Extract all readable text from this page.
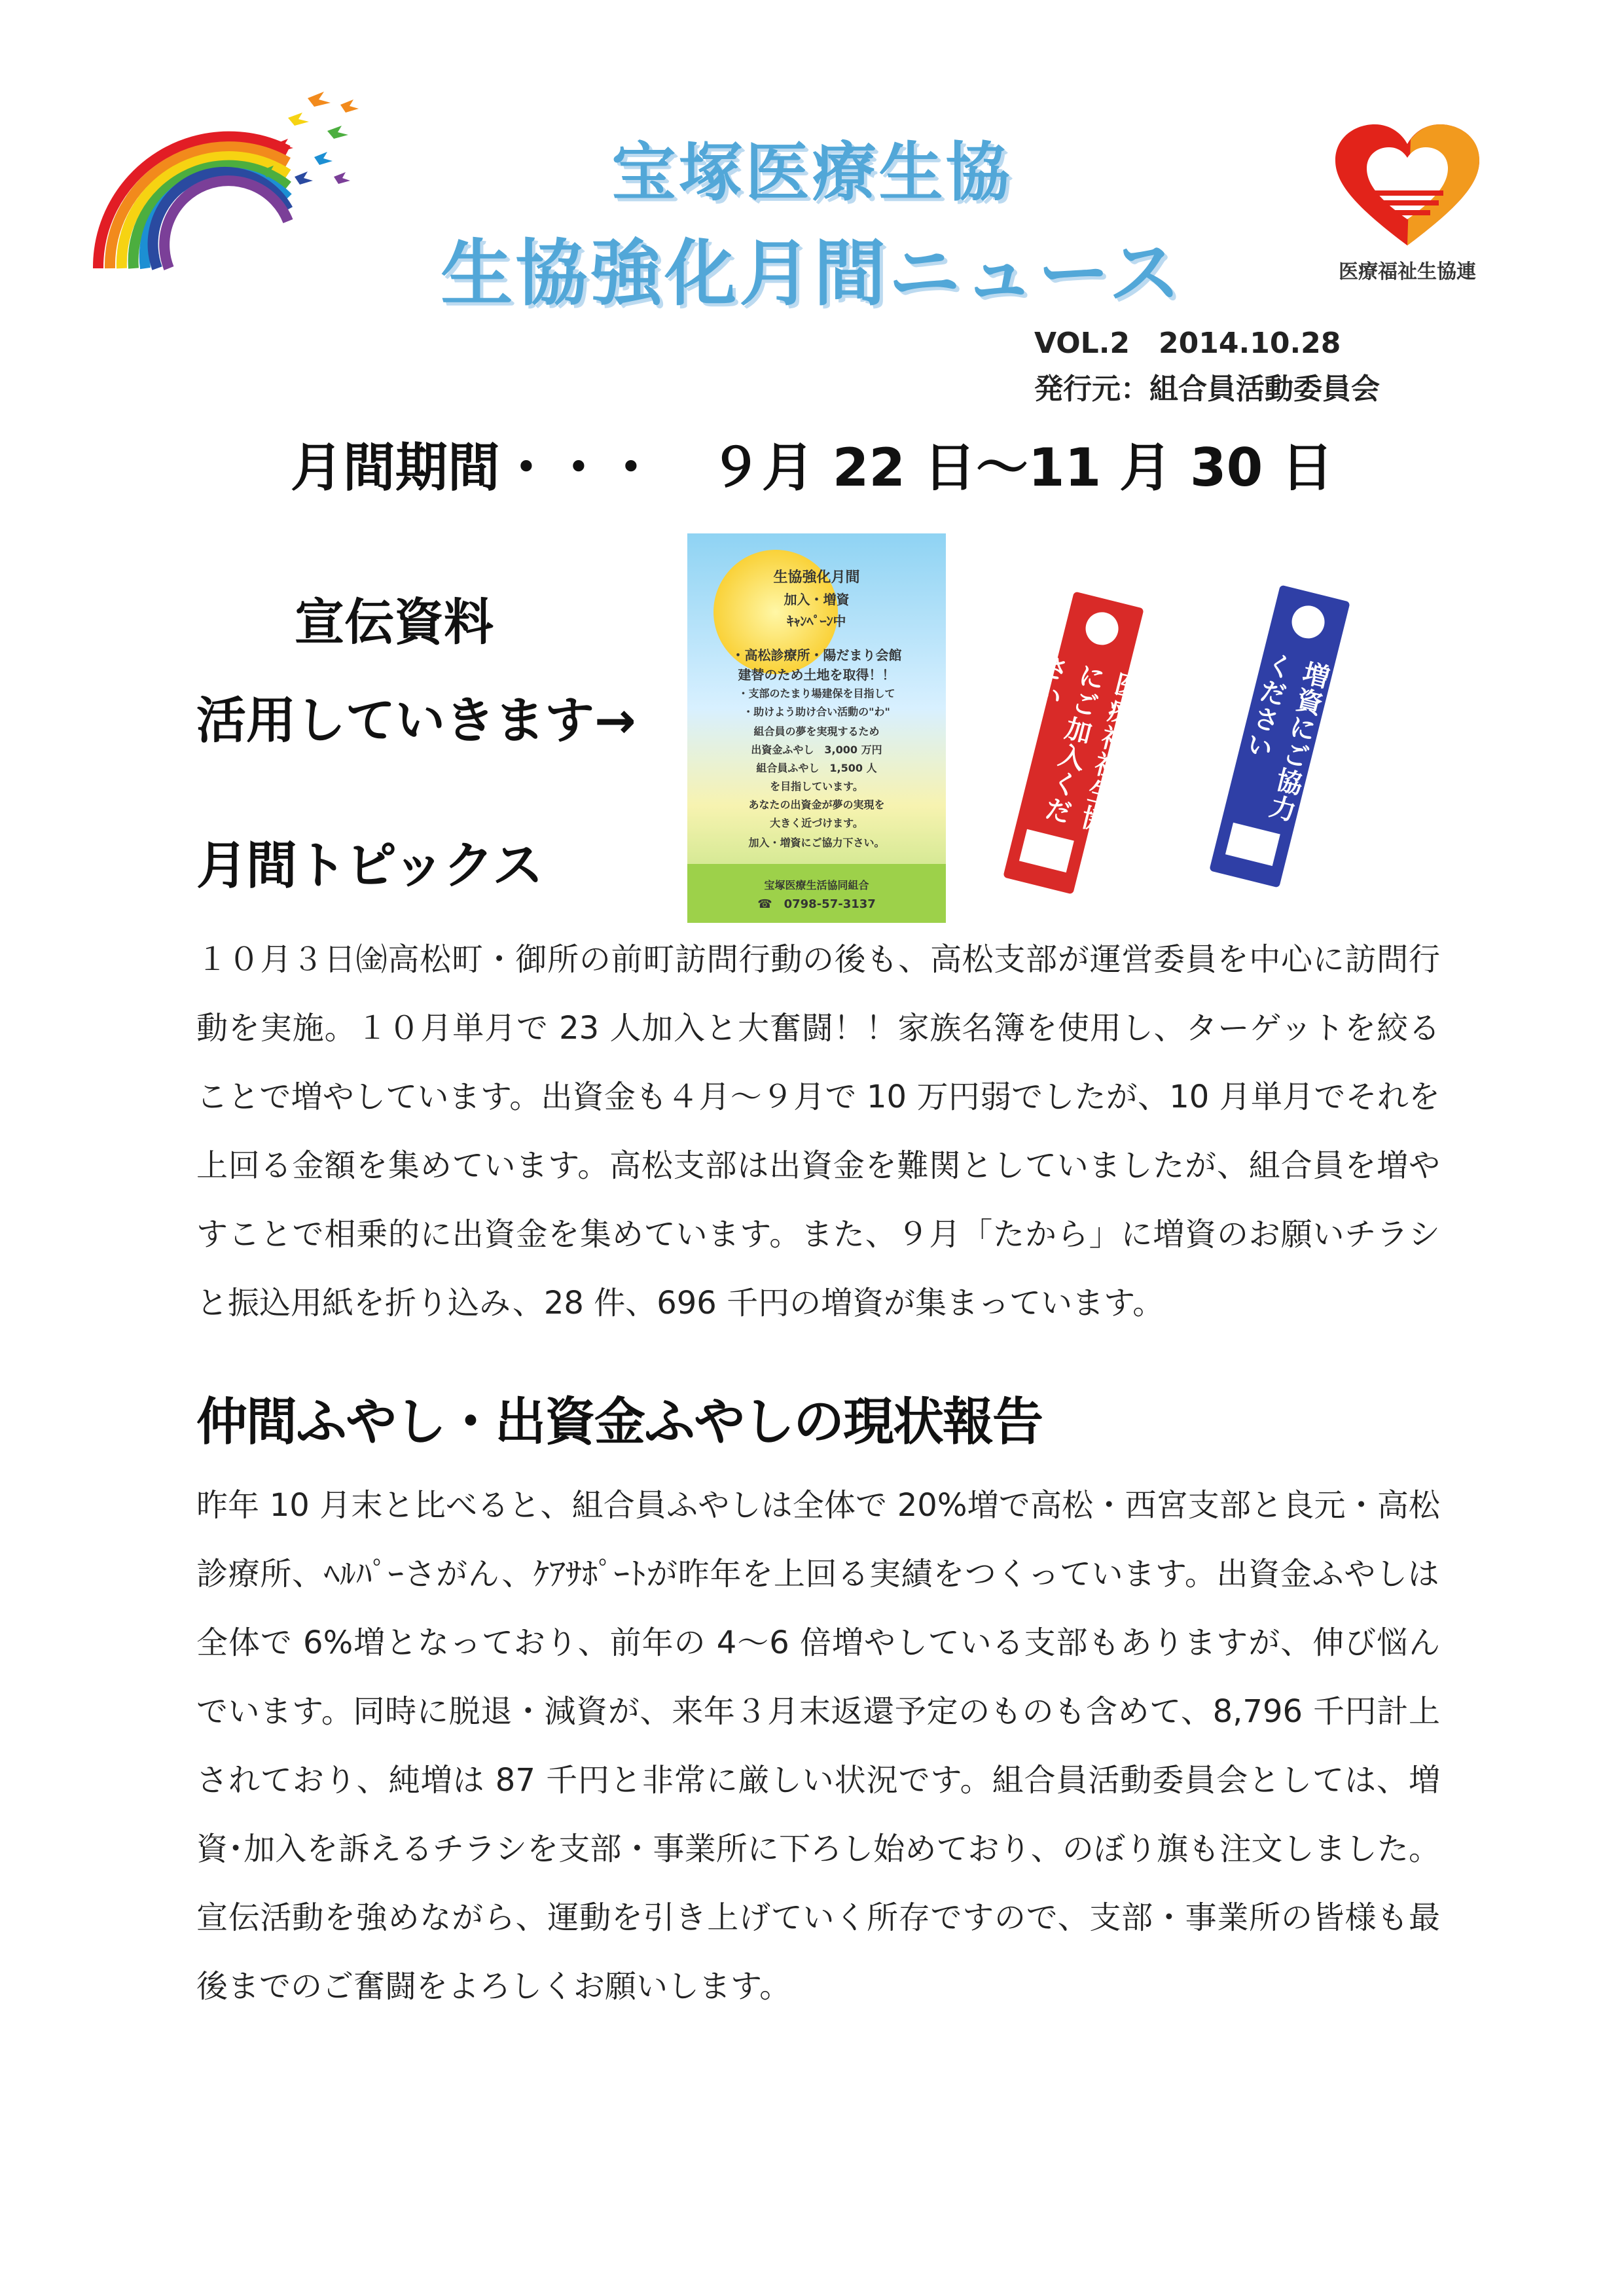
宝塚医療生協
生協強化月間ニュース	医療福祉生協連
VOL.2　2014.10.28
発行元：組合員活動委員会
月間期間・・・　９月 22 日～11 月 30 日
宣伝資料
活用していきます→
生協強化月間
加入・増資
ｷｬﾝﾍﾟｰﾝ中
・高松診療所・陽だまり会館
建替のため土地を取得！！
・支部のたまり場建保を目指して
・助けよう助け合い活動の"わ"
組合員の夢を実現するため
出資金ふやし　3,000 万円
組合員ふやし　1,500 人
を目指しています。
あなたの出資金が夢の実現を
大きく近づけます。
加入・増資にご協力下さい。
宝塚医療生活協同組合
☎　0798-57-3137
医療福祉生協にご加入ください	増資にご協力ください
月間トピックス
１０月３日㈮高松町・御所の前町訪問行動の後も、高松支部が運営委員を中心に訪問行動を実施。１０月単月で 23 人加入と大奮闘！！家族名簿を使用し、ターゲットを絞ることで増やしています。出資金も４月～９月で 10 万円弱でしたが、10 月単月でそれを上回る金額を集めています。高松支部は出資金を難関としていましたが、組合員を増やすことで相乗的に出資金を集めています。また、９月「たから」に増資のお願いチラシと振込用紙を折り込み、28 件、696 千円の増資が集まっています。
仲間ふやし・出資金ふやしの現状報告
昨年 10 月末と比べると、組合員ふやしは全体で 20%増で高松・西宮支部と良元・高松診療所、ﾍﾙﾊﾟｰさがん、ｹｱｻﾎﾟｰﾄが昨年を上回る実績をつくっています。出資金ふやしは全体で 6%増となっており、前年の 4～6 倍増やしている支部もありますが、伸び悩んでいます。同時に脱退・減資が、来年３月末返還予定のものも含めて、8,796 千円計上されており、純増は 87 千円と非常に厳しい状況です。組合員活動委員会としては、増資･加入を訴えるチラシを支部・事業所に下ろし始めており、のぼり旗も注文しました。宣伝活動を強めながら、運動を引き上げていく所存ですので、支部・事業所の皆様も最後までのご奮闘をよろしくお願いします。
